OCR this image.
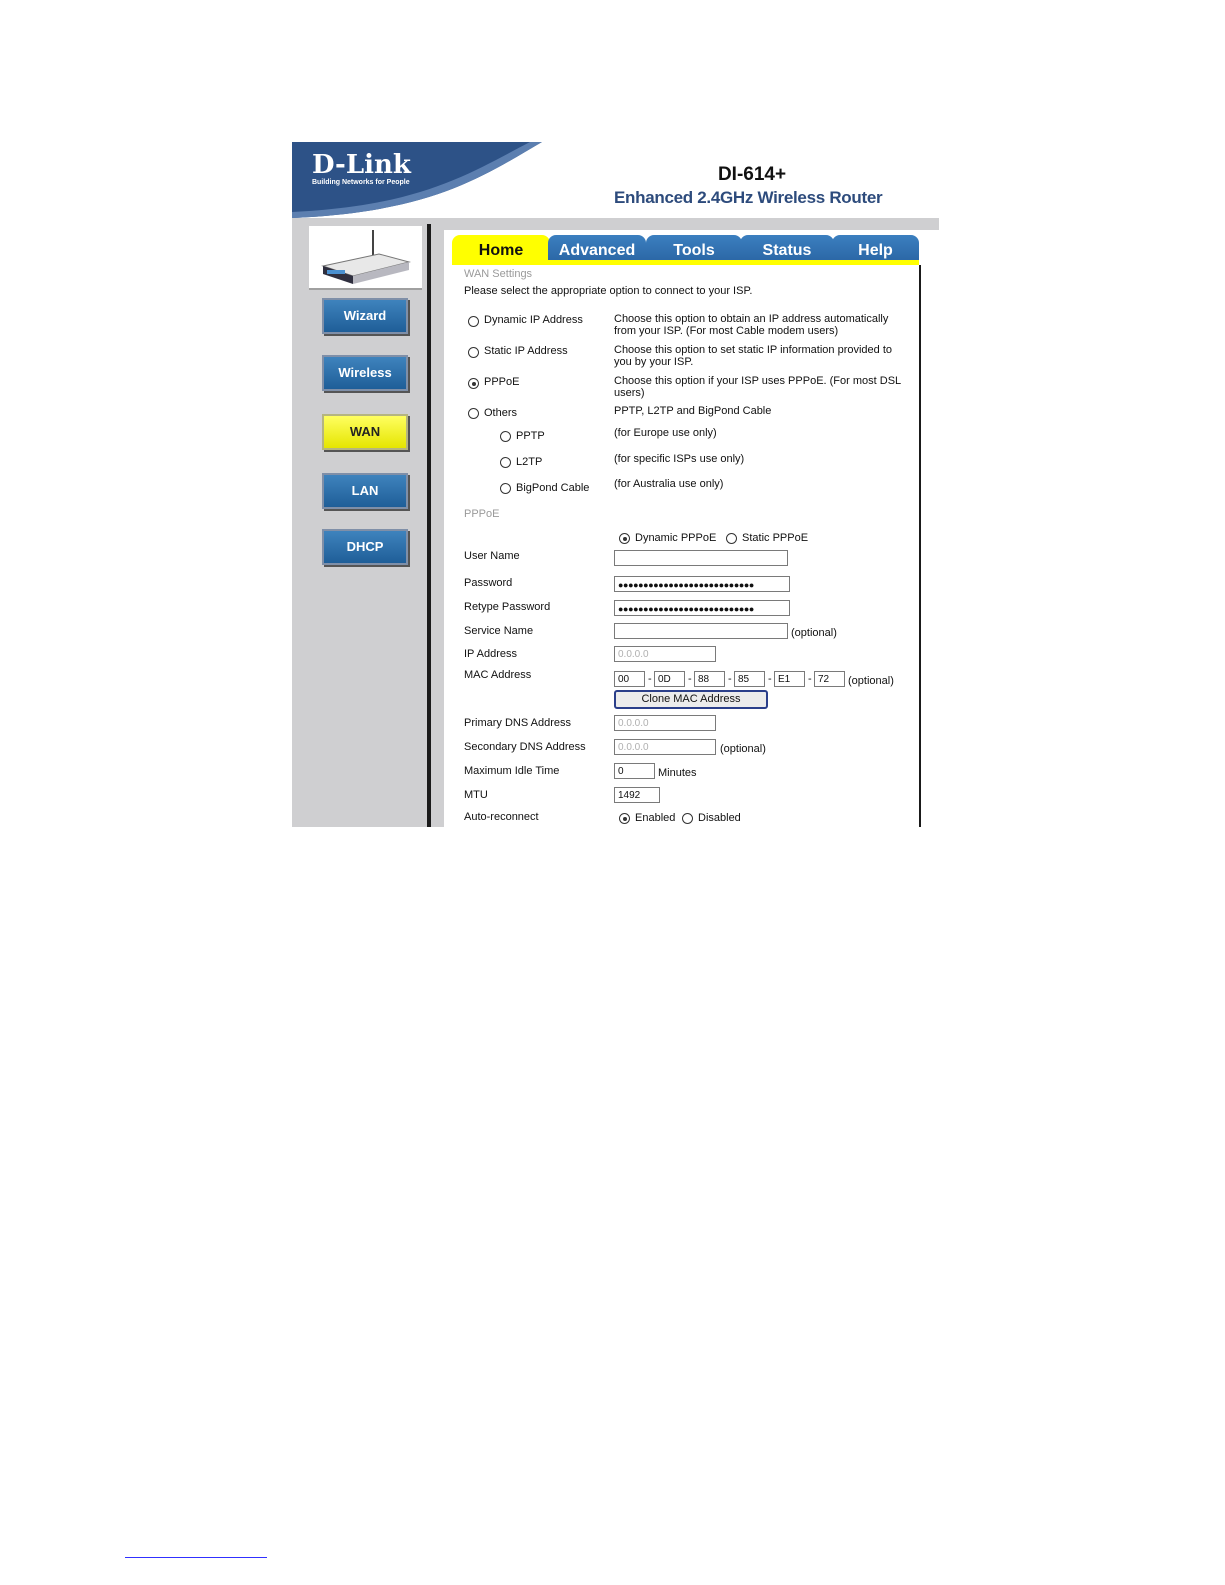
D-Link
Building Networks for People	DI-614+
Enhanced 2.4GHz Wireless Router
Wizard
Wireless
WAN
LAN
DHCP
Home	Advanced	Tools	Status	Help
WAN Settings
Please select the appropriate option to connect to your ISP.
Dynamic IP Address	Choose this option to obtain an IP address automatically from your ISP. (For most Cable modem users)
Static IP Address	Choose this option to set static IP information provided to you by your ISP.
PPPoE	Choose this option if your ISP uses PPPoE. (For most DSL users)
Others	PPTP, L2TP and BigPond Cable
PPTP	(for Europe use only)
L2TP	(for specific ISPs use only)
BigPond Cable (for Australia use only)
PPPoE
Dynamic PPPoE Static PPPoE
User Name
Password	●●●●●●●●●●●●●●●●●●●●●●●●●●●
Retype Password	●●●●●●●●●●●●●●●●●●●●●●●●●●●
Service Name	(optional)
IP Address	0.0.0.0
MAC Address	00	- 0D	- 88	- 85	- E1	- 72	(optional)
Clone MAC Address
Primary DNS Address	0.0.0.0
Secondary DNS Address	0.0.0.0	(optional)
Maximum Idle Time	0	Minutes
MTU	1492
Auto-reconnect	Enabled Disabled
